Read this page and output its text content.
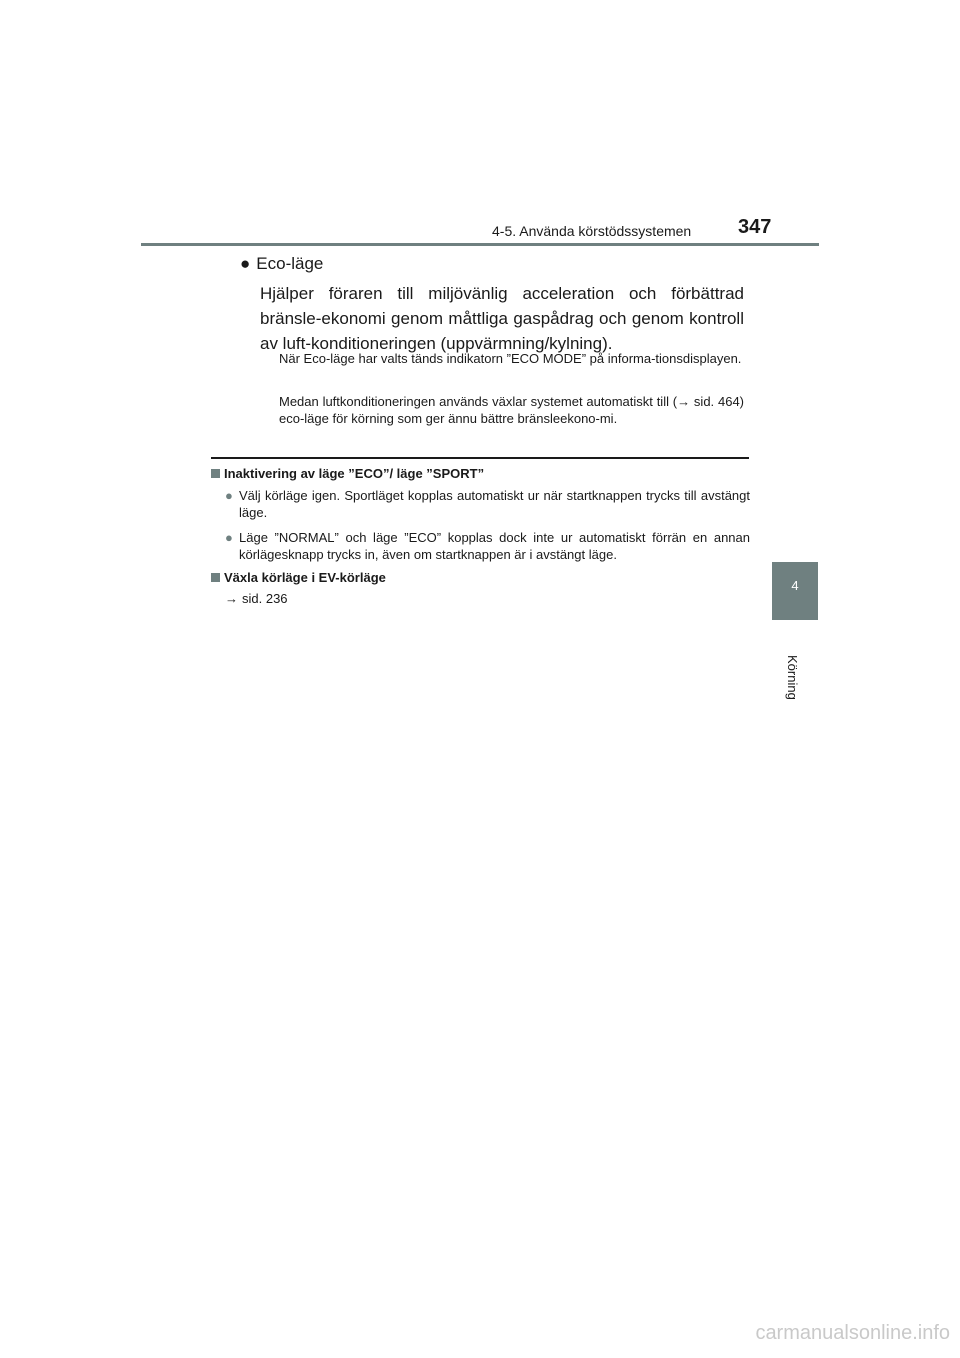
4-5. Använda körstödssystemen 347
4
Körning
● Eco-läge
Hjälper föraren till miljövänlig acceleration och förbättrad bränsle-ekonomi genom måttliga gaspådrag och genom kontroll av luft-konditioneringen (uppvärmning/kylning).
När Eco-läge har valts tänds indikatorn ”ECO MODE” på informa-tionsdisplayen.
Medan luftkonditioneringen används växlar systemet automatiskt till (→ sid. 464) eco-läge för körning som ger ännu bättre bränsleekono-mi.
Inaktivering av läge ”ECO”/ läge ”SPORT”
● Välj körläge igen. Sportläget kopplas automatiskt ur när startknappen trycks till avstängt läge.
● Läge ”NORMAL” och läge ”ECO” kopplas dock inte ur automatiskt förrän en annan körlägesknapp trycks in, även om startknappen är i avstängt läge.
Växla körläge i EV-körläge
→ sid. 236
carmanualsonline.info
